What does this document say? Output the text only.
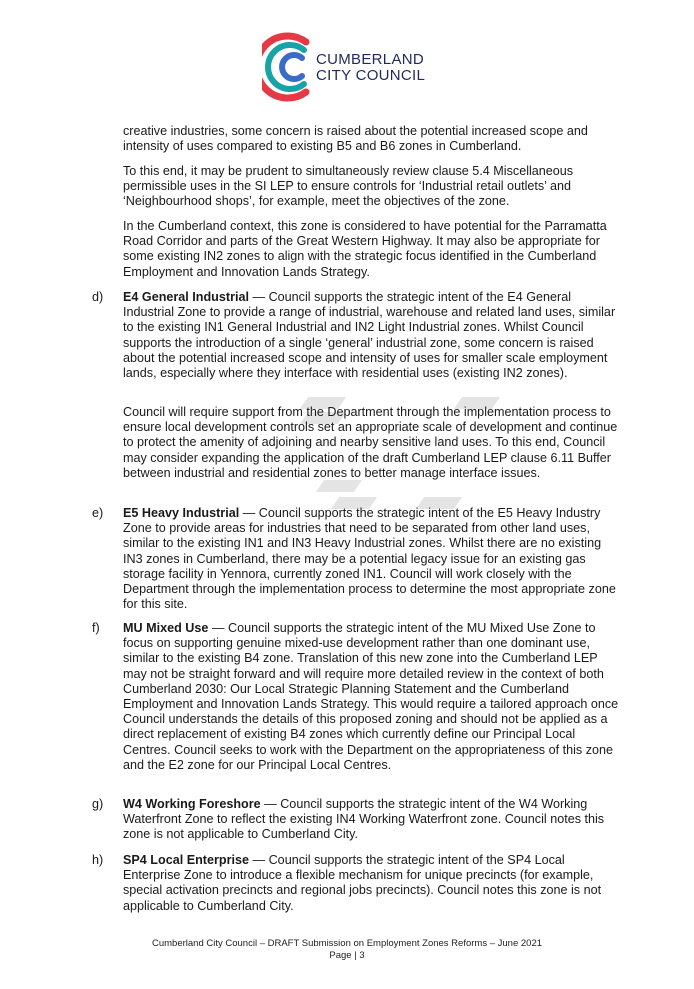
CUMBERLAND
CITY COUNCIL

creative industries, some concern is raised about the potential increased scope and intensity of uses compared to existing B5 and B6 zones in Cumberland.

To this end, it may be prudent to simultaneously review clause 5.4 Miscellaneous permissible uses in the SI LEP to ensure controls for ‘Industrial retail outlets’ and ‘Neighbourhood shops’, for example, meet the objectives of the zone.

In the Cumberland context, this zone is considered to have potential for the Parramatta Road Corridor and parts of the Great Western Highway. It may also be appropriate for some existing IN2 zones to align with the strategic focus identified in the Cumberland Employment and Innovation Lands Strategy.

d)	E4 General Industrial — Council supports the strategic intent of the E4 General Industrial Zone to provide a range of industrial, warehouse and related land uses, similar to the existing IN1 General Industrial and IN2 Light Industrial zones. Whilst Council supports the introduction of a single ‘general’ industrial zone, some concern is raised about the potential increased scope and intensity of uses for smaller scale employment lands, especially where they interface with residential uses (existing IN2 zones).

Council will require support from the Department through the implementation process to ensure local development controls set an appropriate scale of development and continue to protect the amenity of adjoining and nearby sensitive land uses. To this end, Council may consider expanding the application of the draft Cumberland LEP clause 6.11 Buffer between industrial and residential zones to better manage interface issues.

e)	E5 Heavy Industrial — Council supports the strategic intent of the E5 Heavy Industry Zone to provide areas for industries that need to be separated from other land uses, similar to the existing IN1 and IN3 Heavy Industrial zones. Whilst there are no existing IN3 zones in Cumberland, there may be a potential legacy issue for an existing gas storage facility in Yennora, currently zoned IN1. Council will work closely with the Department through the implementation process to determine the most appropriate zone for this site.

f)	MU Mixed Use — Council supports the strategic intent of the MU Mixed Use Zone to focus on supporting genuine mixed-use development rather than one dominant use, similar to the existing B4 zone. Translation of this new zone into the Cumberland LEP may not be straight forward and will require more detailed review in the context of both Cumberland 2030: Our Local Strategic Planning Statement and the Cumberland Employment and Innovation Lands Strategy. This would require a tailored approach once Council understands the details of this proposed zoning and should not be applied as a direct replacement of existing B4 zones which currently define our Principal Local Centres. Council seeks to work with the Department on the appropriateness of this zone and the E2 zone for our Principal Local Centres.

g)	W4 Working Foreshore — Council supports the strategic intent of the W4 Working Waterfront Zone to reflect the existing IN4 Working Waterfront zone. Council notes this zone is not applicable to Cumberland City.

h)	SP4 Local Enterprise — Council supports the strategic intent of the SP4 Local Enterprise Zone to introduce a flexible mechanism for unique precincts (for example, special activation precincts and regional jobs precincts). Council notes this zone is not applicable to Cumberland City.

Cumberland City Council – DRAFT Submission on Employment Zones Reforms – June 2021
Page | 3
